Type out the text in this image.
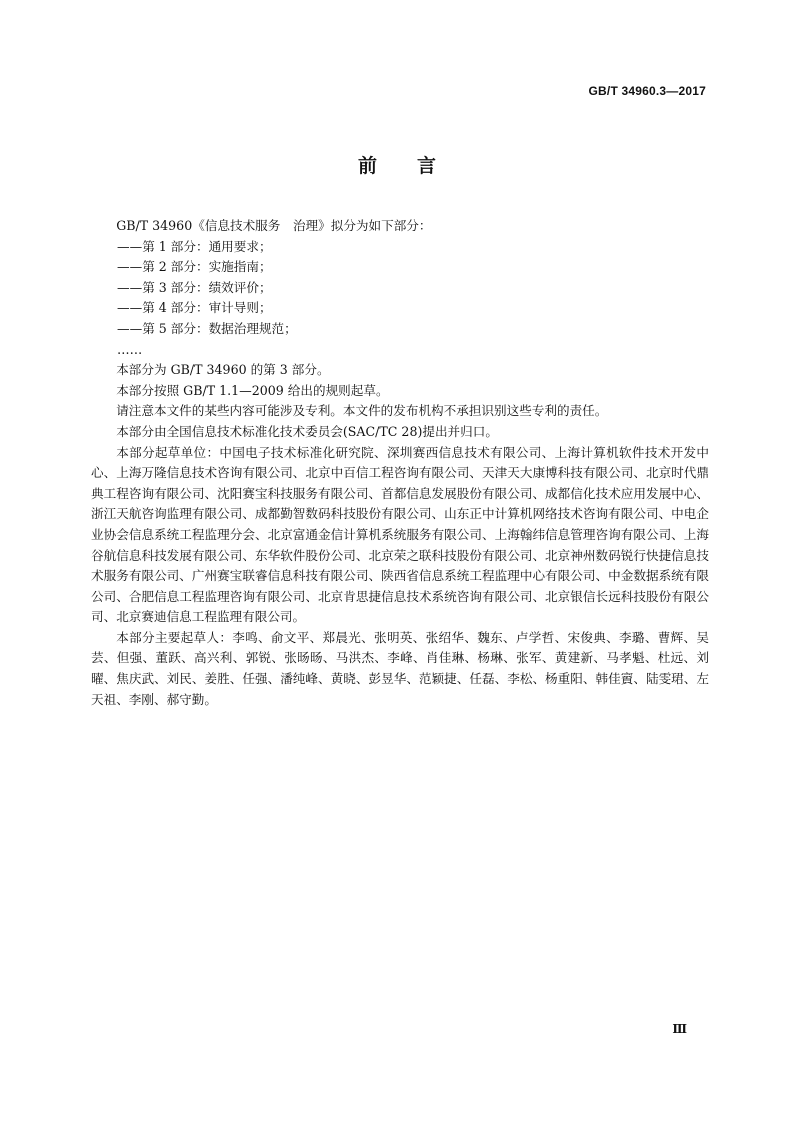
GB/T 34960.3—2017
前 言

GB/T 34960《信息技术服务　治理》拟分为如下部分：

——第 1 部分：通用要求；
——第 2 部分：实施指南；
——第 3 部分：绩效评价；
——第 4 部分：审计导则；
——第 5 部分：数据治理规范；
……

本部分为 GB/T 34960 的第 3 部分。

本部分按照 GB/T 1.1—2009 给出的规则起草。

请注意本文件的某些内容可能涉及专利。本文件的发布机构不承担识别这些专利的责任。

本部分由全国信息技术标准化技术委员会(SAC/TC 28)提出并归口。

本部分起草单位：中国电子技术标准化研究院、深圳赛西信息技术有限公司、上海计算机软件技术开发中心、上海万隆信息技术咨询有限公司、北京中百信工程咨询有限公司、天津天大康博科技有限公司、北京时代鼎典工程咨询有限公司、沈阳赛宝科技服务有限公司、首都信息发展股份有限公司、成都信化技术应用发展中心、浙江天航咨询监理有限公司、成都勤智数码科技股份有限公司、山东正中计算机网络技术咨询有限公司、中电企业协会信息系统工程监理分会、北京富通金信计算机系统服务有限公司、上海翰纬信息管理咨询有限公司、上海谷航信息科技发展有限公司、东华软件股份公司、北京荣之联科技股份有限公司、北京神州数码锐行快捷信息技术服务有限公司、广州赛宝联睿信息科技有限公司、陕西省信息系统工程监理中心有限公司、中金数据系统有限公司、合肥信息工程监理咨询有限公司、北京肯思捷信息技术系统咨询有限公司、北京银信长远科技股份有限公司、北京赛迪信息工程监理有限公司。

本部分主要起草人：李鸣、俞文平、郑晨光、张明英、张绍华、魏东、卢学哲、宋俊典、李璐、曹辉、吴芸、但强、董跃、高兴利、郭锐、张旸旸、马洪杰、李峰、肖佳琳、杨琳、张军、黄建新、马孝魁、杜远、刘曜、焦庆武、刘民、姜胜、任强、潘纯峰、黄晓、彭昱华、范颖捷、任磊、李松、杨重阳、韩佳賨、陆雯珺、左天祖、李刚、郝守勤。

Ⅲ
